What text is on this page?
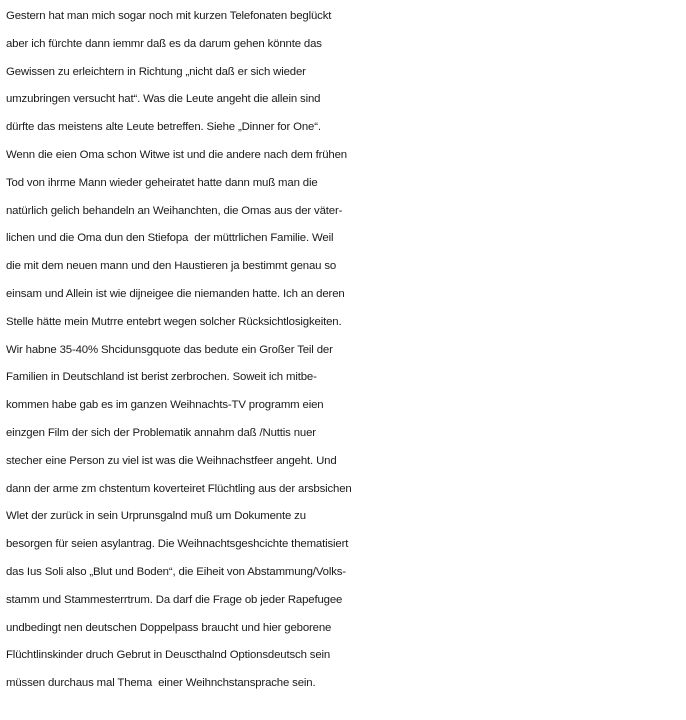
Gestern hat man mich sogar noch mit kurzen Telefonaten beglückt
aber ich fürchte dann iemmr daß es da darum gehen könnte das
Gewissen zu erleichtern in Richtung „nicht daß er sich wieder
umzubringen versucht hat“. Was die Leute angeht die allein sind
dürfte das meistens alte Leute betreffen. Siehe „Dinner for One“.
Wenn die eien Oma schon Witwe ist und die andere nach dem frühen
Tod von ihrme Mann wieder geheiratet hatte dann muß man die
natürlich gelich behandeln an Weihanchten, die Omas aus der väter-
lichen und die Oma dun den Stiefopa  der müttrlichen Familie. Weil
die mit dem neuen mann und den Haustieren ja bestimmt genau so
einsam und Allein ist wie dijneigee die niemanden hatte. Ich an deren
Stelle hätte mein Mutrre entebrt wegen solcher Rücksichtlosigkeiten.
Wir habne 35-40% Shcidunsgquote das bedute ein Großer Teil der
Familien in Deutschland ist berist zerbrochen. Soweit ich mitbe-
kommen habe gab es im ganzen Weihnachts-TV programm eien
einzgen Film der sich der Problematik annahm daß /Nuttis nuer
stecher eine Person zu viel ist was die Weihnachstfeer angeht. Und
dann der arme zm chstentum koverteiret Flüchtling aus der arsbsichen
Wlet der zurück in sein Urprunsgalnd muß um Dokumente zu
besorgen für seien asylantrag. Die Weihnachtsgeshcichte thematisiert
das Ius Soli also „Blut und Boden“, die Eiheit von Abstammung/Volks-
stamm und Stammesterrtrum. Da darf die Frage ob jeder Rapefugee
undbedingt nen deutschen Doppelpass braucht und hier geborene
Flüchtlinskinder druch Gebrut in Deuscthalnd Optionsdeutsch sein
müssen durchaus mal Thema  einer Weihnchstansprache sein.
